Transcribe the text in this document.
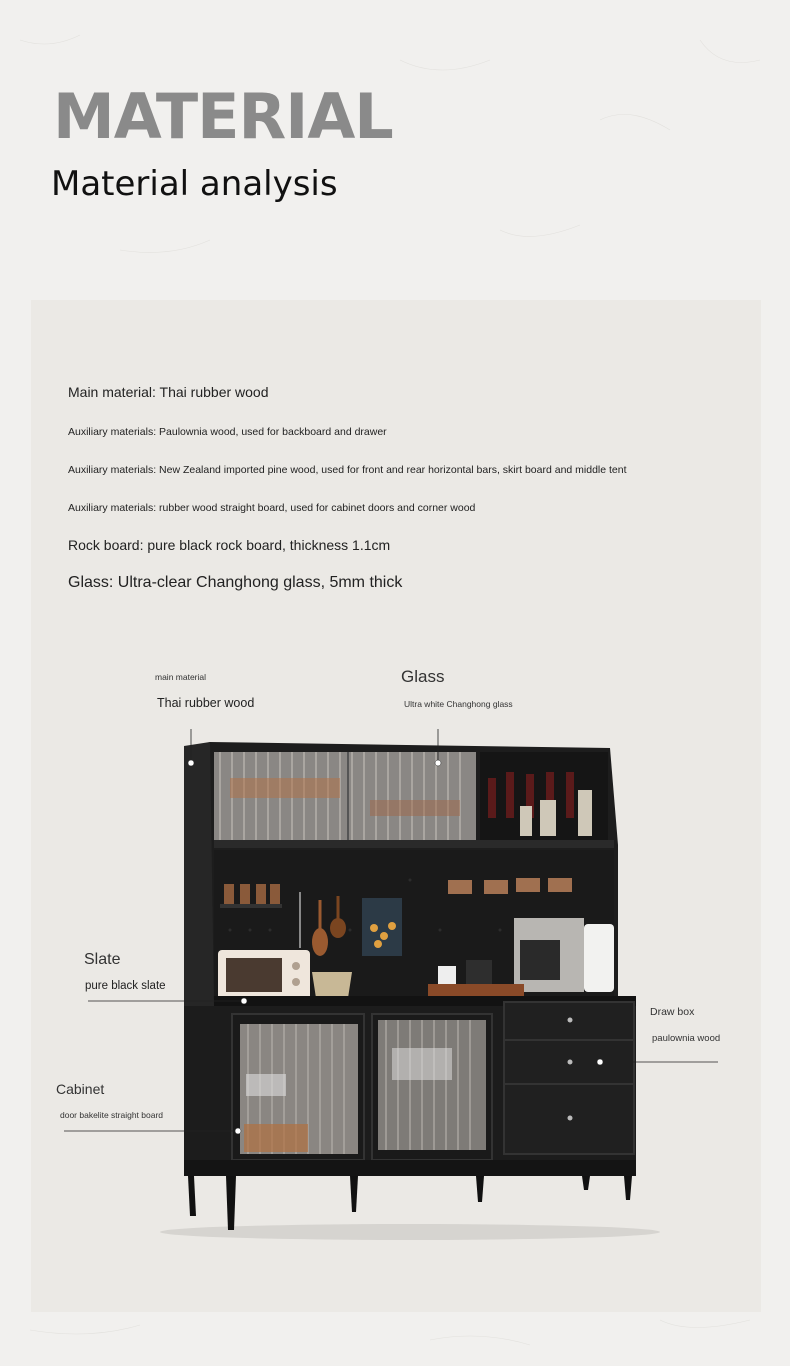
MATERIAL
Material analysis
Main material: Thai rubber wood
Auxiliary materials: Paulownia wood, used for backboard and drawer
Auxiliary materials: New Zealand imported pine wood, used for front and rear horizontal bars, skirt board and middle tent
Auxiliary materials: rubber wood straight board, used for cabinet doors and corner wood
Rock board: pure black rock board, thickness 1.1cm
Glass: Ultra-clear Changhong glass, 5mm thick
main material
Thai rubber wood
Glass
Ultra white Changhong glass
Slate
pure black slate
Cabinet
door bakelite straight board
Draw box
paulownia wood
